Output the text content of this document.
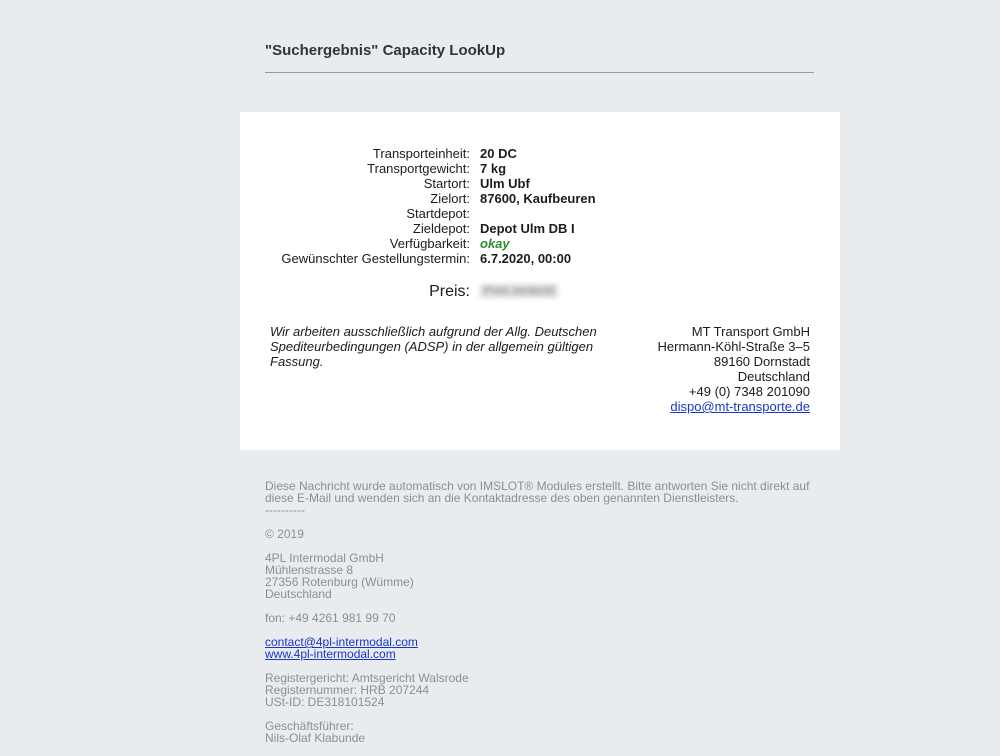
"Suchergebnis" Capacity LookUp
Transporteinheit: 20 DC
Transportgewicht: 7 kg
Startort: Ulm Ubf
Zielort: 87600, Kaufbeuren
Startdepot:
Zieldepot: Depot Ulm DB I
Verfügbarkeit: okay
Gewünschter Gestellungstermin: 6.7.2020, 00:00
Preis:	Preis verdeckt
Wir arbeiten ausschließlich aufgrund der Allg. Deutschen Spediteurbedingungen (ADSP) in der allgemein gültigen Fassung.
MT Transport GmbH
Hermann-Köhl-Straße 3–5
89160 Dornstadt
Deutschland
+49 (0) 7348 201090
dispo@mt-transporte.de

Diese Nachricht wurde automatisch von IMSLOT® Modules erstellt. Bitte antworten Sie nicht direkt auf diese E-Mail und wenden sich an die Kontaktadresse des oben genannten Dienstleisters.
----------

© 2019

4PL Intermodal GmbH
Mühlenstrasse 8
27356 Rotenburg (Wümme)
Deutschland

fon: +49 4261 981 99 70

contact@4pl-intermodal.com
www.4pl-intermodal.com

Registergericht: Amtsgericht Walsrode
Registernummer: HRB 207244
USt-ID: DE318101524

Geschäftsführer:
Nils-Olaf Klabunde
